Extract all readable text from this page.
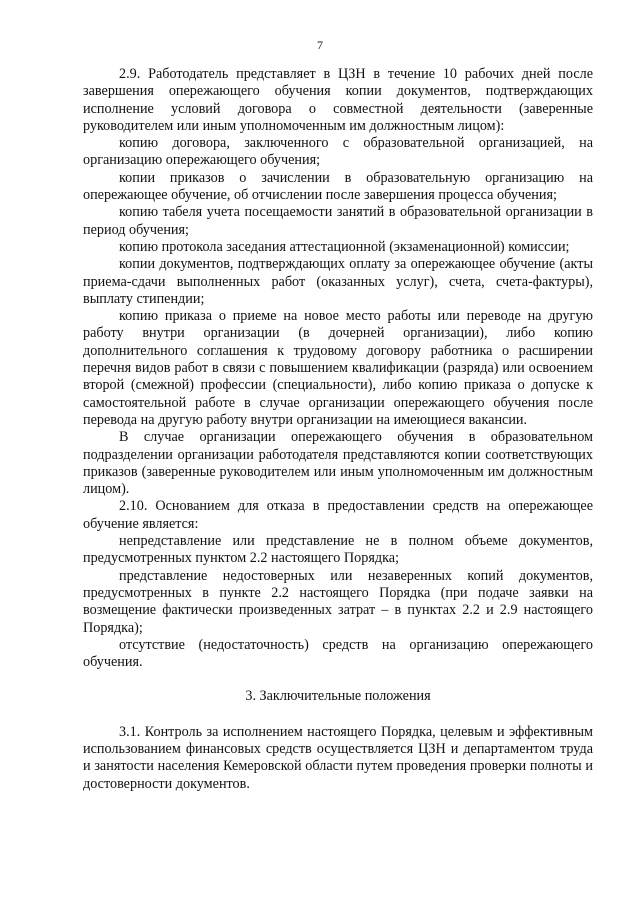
7

2.9. Работодатель представляет в ЦЗН в течение 10 рабочих дней после завершения опережающего обучения копии документов, подтверждающих исполнение условий договора о совместной деятельности (заверенные руководителем или иным уполномоченным им должностным лицом):

копию договора, заключенного с образовательной организацией, на организацию опережающего обучения;

копии приказов о зачислении в образовательную организацию на опережающее обучение, об отчислении после завершения процесса обучения;

копию табеля учета посещаемости занятий в образовательной организации в период обучения;

копию протокола заседания аттестационной (экзаменационной) комиссии;

копии документов, подтверждающих оплату за опережающее обучение (акты приема-сдачи выполненных работ (оказанных услуг), счета, счета-фактуры), выплату стипендии;

копию приказа о приеме на новое место работы или переводе на другую работу внутри организации (в дочерней организации), либо копию дополнительного соглашения к трудовому договору работника о расширении перечня видов работ в связи с повышением квалификации (разряда) или освоением второй (смежной) профессии (специальности), либо копию приказа о допуске к самостоятельной работе в случае организации опережающего обучения после перевода на другую работу внутри организации на имеющиеся вакансии.

В случае организации опережающего обучения в образовательном подразделении организации работодателя представляются копии соответствующих приказов (заверенные руководителем или иным уполномоченным им должностным лицом).

2.10. Основанием для отказа в предоставлении средств на опережающее обучение является:

непредставление или представление не в полном объеме документов, предусмотренных пунктом 2.2 настоящего Порядка;

представление недостоверных или незаверенных копий документов, предусмотренных в пункте 2.2 настоящего Порядка (при подаче заявки на возмещение фактически произведенных затрат – в пунктах 2.2 и 2.9 настоящего Порядка);

отсутствие (недостаточность) средств на организацию опережающего обучения.

3. Заключительные положения

3.1. Контроль за исполнением настоящего Порядка, целевым и эффективным использованием финансовых средств осуществляется ЦЗН и департаментом труда и занятости населения Кемеровской области путем проведения проверки полноты и достоверности документов.
